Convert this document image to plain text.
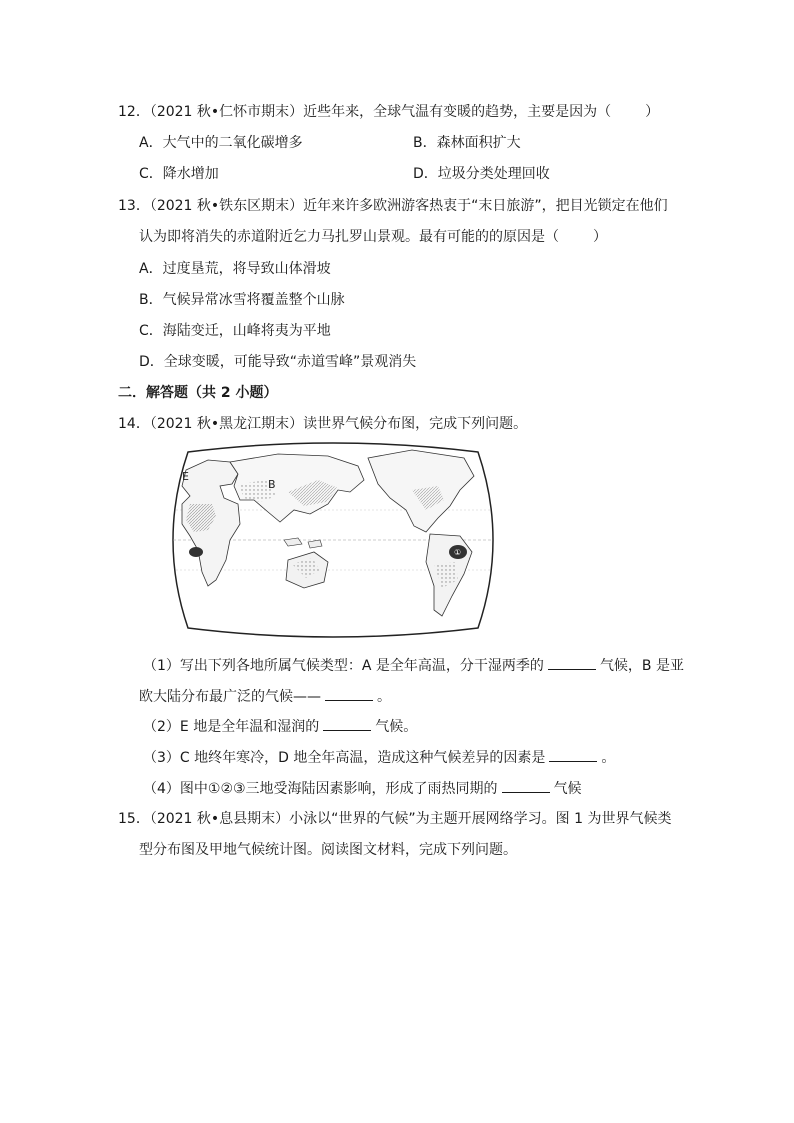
12．（2021 秋•仁怀市期末）近些年来，全球气温有变暖的趋势，主要是因为（ ）
A．大气中的二氧化碳增多	B．森林面积扩大
C．降水增加	D．垃圾分类处理回收
13．（2021 秋•铁东区期末）近年来许多欧洲游客热衷于“末日旅游”，把目光锁定在他们
认为即将消失的赤道附近乞力马扎罗山景观。最有可能的的原因是（ ）
A．过度垦荒，将导致山体滑坡
B．气候异常冰雪将覆盖整个山脉
C．海陆变迁，山峰将夷为平地
D．全球变暖，可能导致“赤道雪峰”景观消失
二．解答题（共 2 小题）
14．（2021 秋•黑龙江期末）读世界气候分布图，完成下列问题。
E
B
①
（1）写出下列各地所属气候类型：A 是全年高温，分干湿两季的	气候，B 是亚
欧大陆分布最广泛的气候——	。
（2）E 地是全年温和湿润的	气候。
（3）C 地终年寒冷，D 地全年高温，造成这种气候差异的因素是	。
（4）图中①②③三地受海陆因素影响，形成了雨热同期的	气候
15．（2021 秋•息县期末）小泳以“世界的气候”为主题开展网络学习。图 1 为世界气候类
型分布图及甲地气候统计图。阅读图文材料，完成下列问题。
